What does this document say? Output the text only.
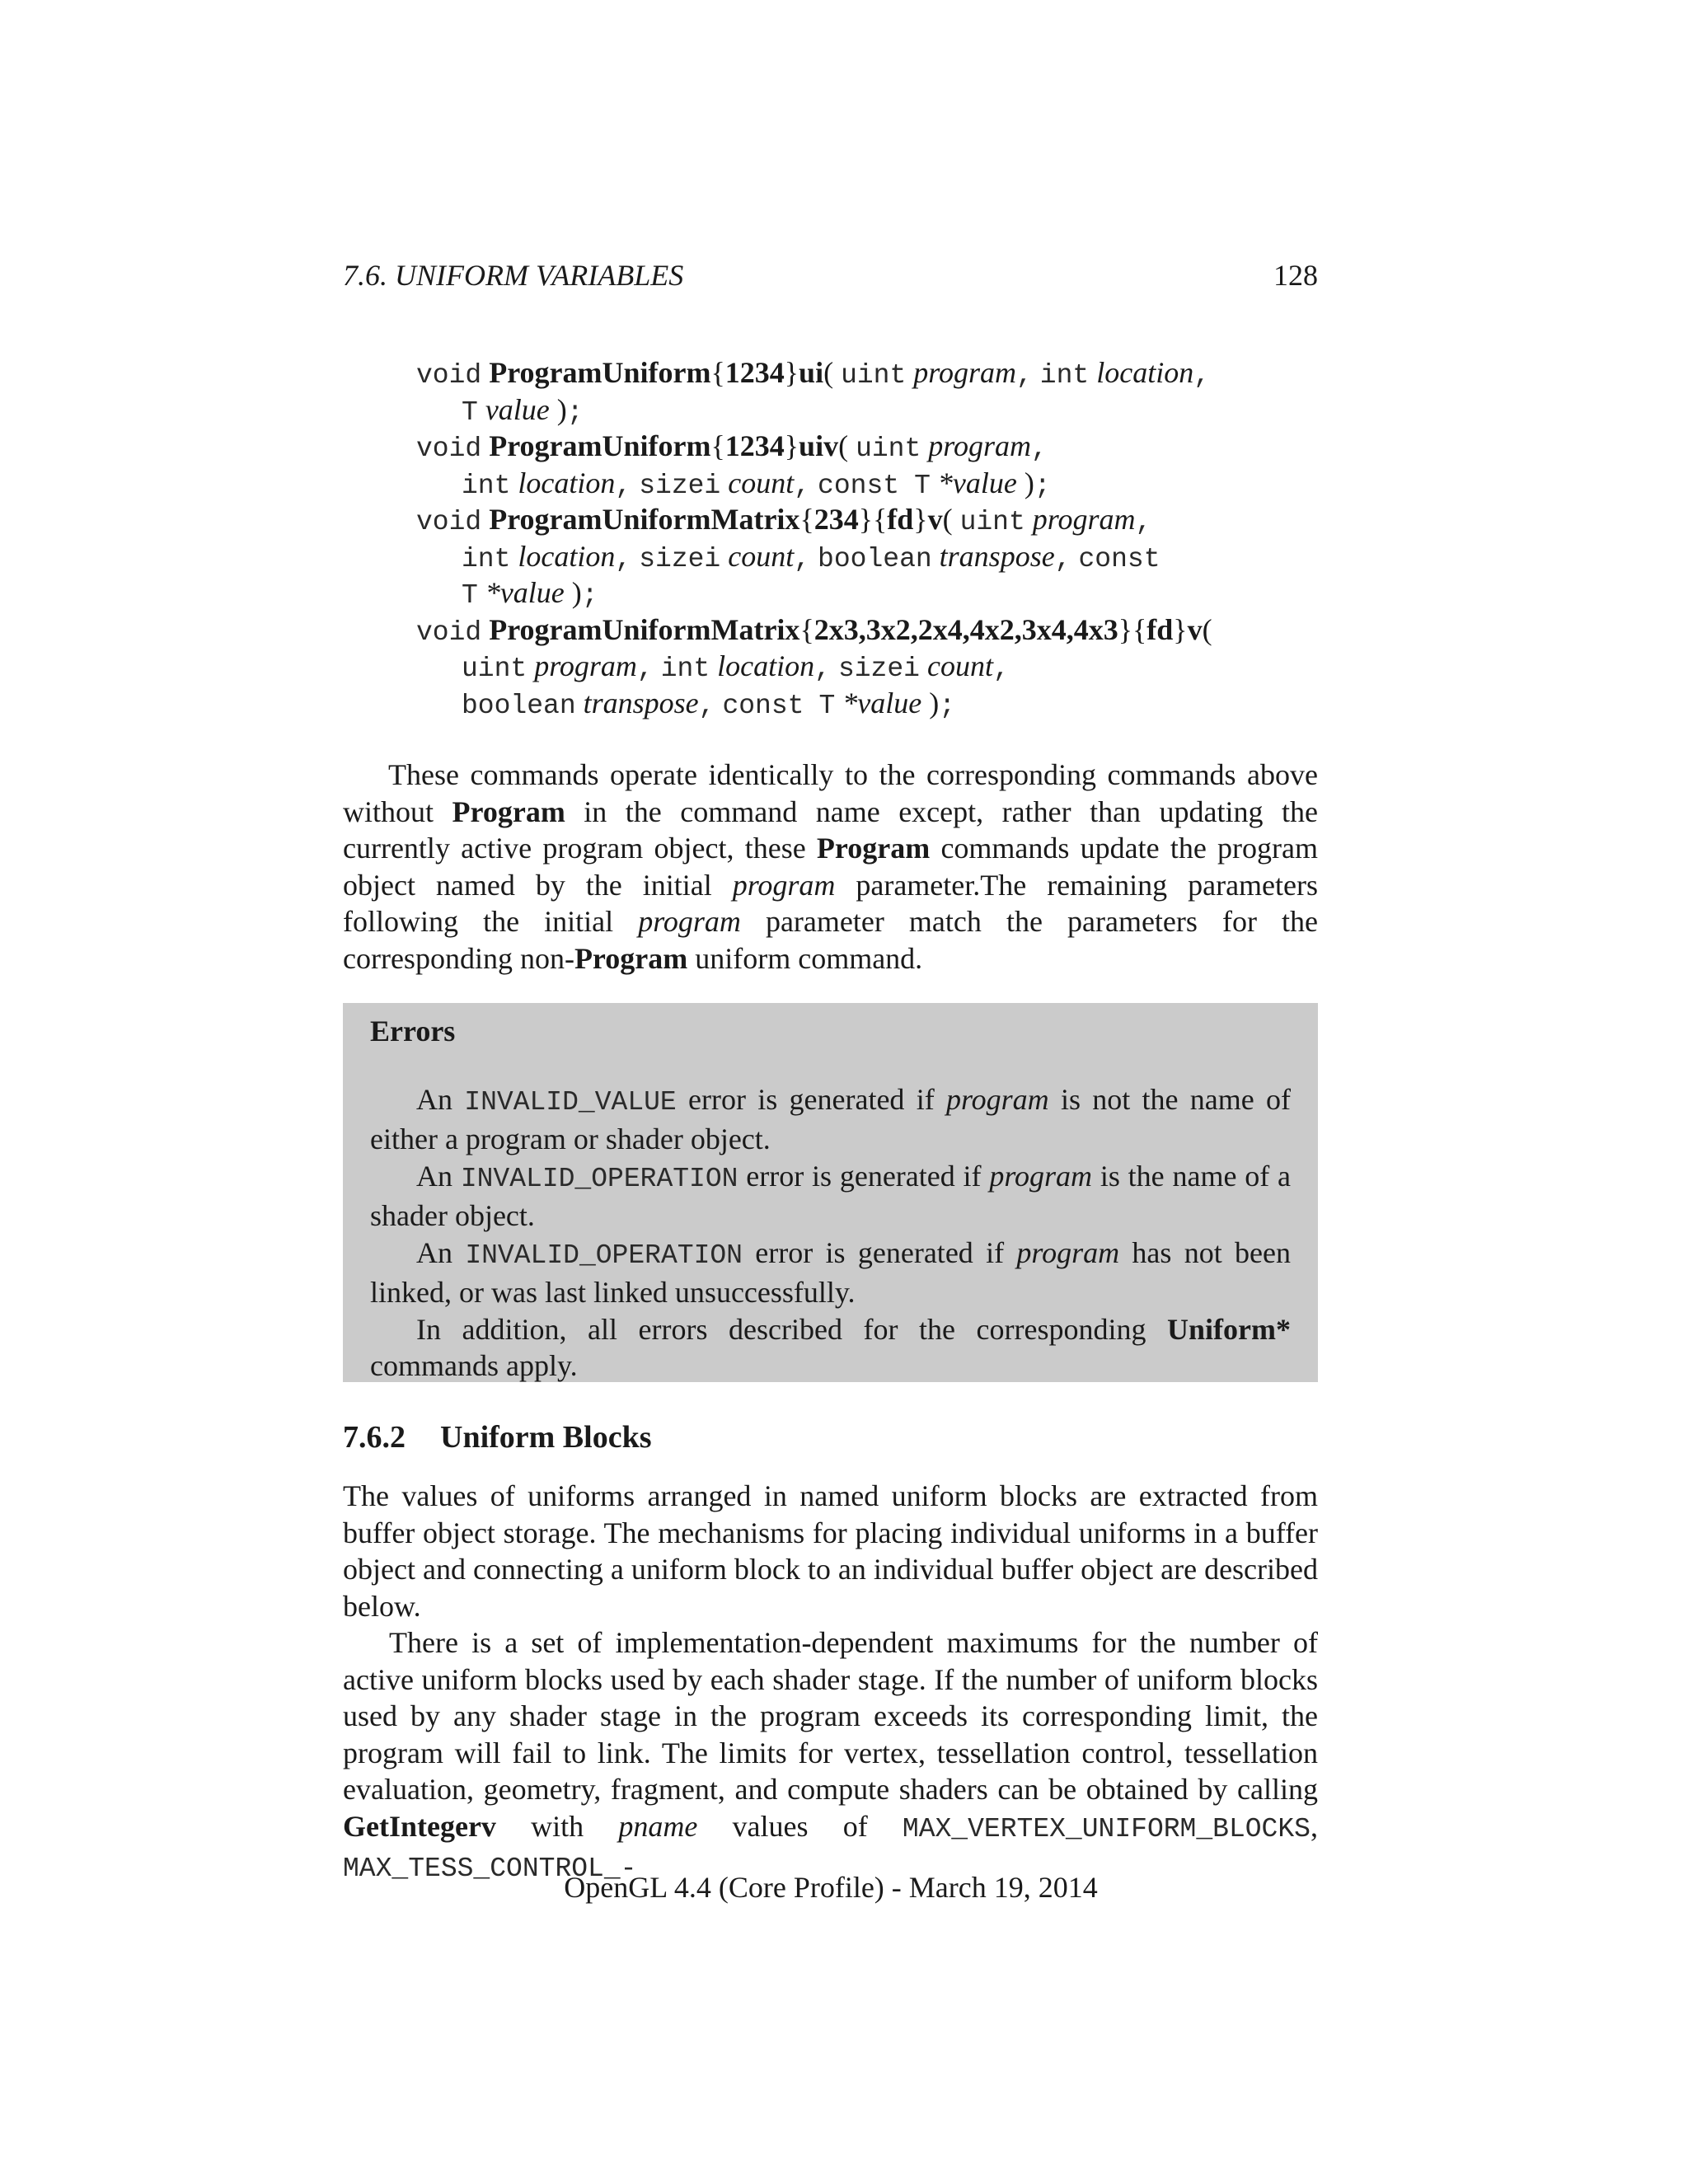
7.6. UNIFORM VARIABLES	128
void ProgramUniform{1234}ui( uint program, int location,
T value );
void ProgramUniform{1234}uiv( uint program,
int location, sizei count, const T *value );
void ProgramUniformMatrix{234}{fd}v( uint program,
int location, sizei count, boolean transpose, const
T *value );
void ProgramUniformMatrix{2x3,3x2,2x4,4x2,3x4,4x3}{fd}v(
uint program, int location, sizei count,
boolean transpose, const T *value );

These commands operate identically to the corresponding commands above without Program in the command name except, rather than updating the currently active program object, these Program commands update the program object named by the initial program parameter.The remaining parameters following the initial program parameter match the parameters for the corresponding non-Program uniform command.

Errors

An INVALID_VALUE error is generated if program is not the name of either a program or shader object.

An INVALID_OPERATION error is generated if program is the name of a shader object.

An INVALID_OPERATION error is generated if program has not been linked, or was last linked unsuccessfully.

In addition, all errors described for the corresponding Uniform* commands apply.

7.6.2 Uniform Blocks

The values of uniforms arranged in named uniform blocks are extracted from buffer object storage. The mechanisms for placing individual uniforms in a buffer object and connecting a uniform block to an individual buffer object are described below.

There is a set of implementation-dependent maximums for the number of active uniform blocks used by each shader stage. If the number of uniform blocks used by any shader stage in the program exceeds its corresponding limit, the program will fail to link. The limits for vertex, tessellation control, tessellation evaluation, geometry, fragment, and compute shaders can be obtained by calling GetIntegerv with pname values of MAX_VERTEX_UNIFORM_BLOCKS, MAX_TESS_CONTROL_-

OpenGL 4.4 (Core Profile) - March 19, 2014
